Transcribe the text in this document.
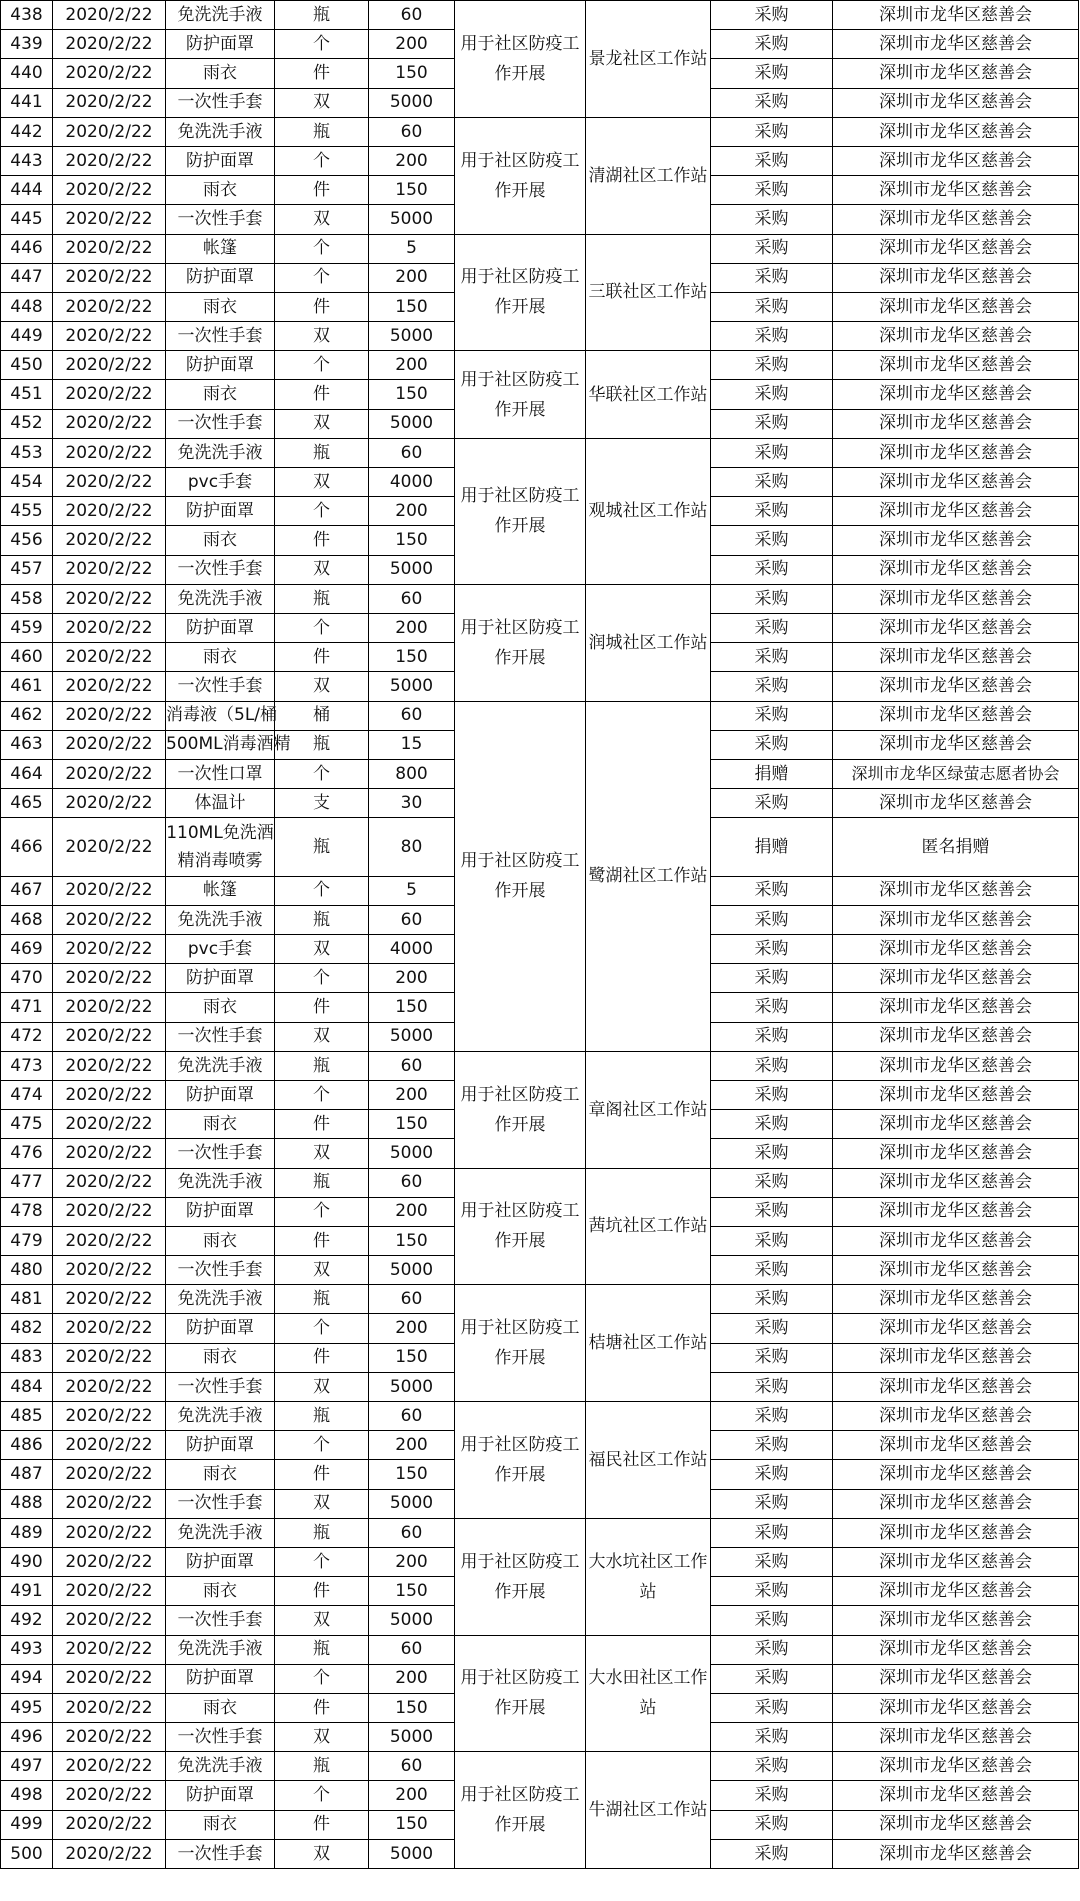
438	2020/2/22	免洗洗手液	瓶	60	用于社区防疫工作开展	景龙社区工作站	采购	深圳市龙华区慈善会
439	2020/2/22	防护面罩	个	200			采购	深圳市龙华区慈善会
440	2020/2/22	雨衣	件	150			采购	深圳市龙华区慈善会
441	2020/2/22	一次性手套	双	5000			采购	深圳市龙华区慈善会
442	2020/2/22	免洗洗手液	瓶	60	用于社区防疫工作开展	清湖社区工作站	采购	深圳市龙华区慈善会
443	2020/2/22	防护面罩	个	200			采购	深圳市龙华区慈善会
444	2020/2/22	雨衣	件	150			采购	深圳市龙华区慈善会
445	2020/2/22	一次性手套	双	5000			采购	深圳市龙华区慈善会
446	2020/2/22	帐篷	个	5	用于社区防疫工作开展	三联社区工作站	采购	深圳市龙华区慈善会
447	2020/2/22	防护面罩	个	200			采购	深圳市龙华区慈善会
448	2020/2/22	雨衣	件	150			采购	深圳市龙华区慈善会
449	2020/2/22	一次性手套	双	5000			采购	深圳市龙华区慈善会
450	2020/2/22	防护面罩	个	200	用于社区防疫工作开展	华联社区工作站	采购	深圳市龙华区慈善会
451	2020/2/22	雨衣	件	150			采购	深圳市龙华区慈善会
452	2020/2/22	一次性手套	双	5000			采购	深圳市龙华区慈善会
453	2020/2/22	免洗洗手液	瓶	60	用于社区防疫工作开展	观城社区工作站	采购	深圳市龙华区慈善会
454	2020/2/22	pvc手套	双	4000			采购	深圳市龙华区慈善会
455	2020/2/22	防护面罩	个	200			采购	深圳市龙华区慈善会
456	2020/2/22	雨衣	件	150			采购	深圳市龙华区慈善会
457	2020/2/22	一次性手套	双	5000			采购	深圳市龙华区慈善会
458	2020/2/22	免洗洗手液	瓶	60	用于社区防疫工作开展	润城社区工作站	采购	深圳市龙华区慈善会
459	2020/2/22	防护面罩	个	200			采购	深圳市龙华区慈善会
460	2020/2/22	雨衣	件	150			采购	深圳市龙华区慈善会
461	2020/2/22	一次性手套	双	5000			采购	深圳市龙华区慈善会
462	2020/2/22	消毒液（5L/桶	桶	60	用于社区防疫工作开展	鹭湖社区工作站	采购	深圳市龙华区慈善会
463	2020/2/22	500ML消毒酒精	瓶	15			采购	深圳市龙华区慈善会
464	2020/2/22	一次性口罩	个	800			捐赠	深圳市龙华区绿萤志愿者协会
465	2020/2/22	体温计	支	30			采购	深圳市龙华区慈善会
466	2020/2/22	110ML免洗酒精消毒喷雾	瓶	80			捐赠	匿名捐赠
467	2020/2/22	帐篷	个	5			采购	深圳市龙华区慈善会
468	2020/2/22	免洗洗手液	瓶	60			采购	深圳市龙华区慈善会
469	2020/2/22	pvc手套	双	4000			采购	深圳市龙华区慈善会
470	2020/2/22	防护面罩	个	200			采购	深圳市龙华区慈善会
471	2020/2/22	雨衣	件	150			采购	深圳市龙华区慈善会
472	2020/2/22	一次性手套	双	5000			采购	深圳市龙华区慈善会
473	2020/2/22	免洗洗手液	瓶	60	用于社区防疫工作开展	章阁社区工作站	采购	深圳市龙华区慈善会
474	2020/2/22	防护面罩	个	200			采购	深圳市龙华区慈善会
475	2020/2/22	雨衣	件	150			采购	深圳市龙华区慈善会
476	2020/2/22	一次性手套	双	5000			采购	深圳市龙华区慈善会
477	2020/2/22	免洗洗手液	瓶	60	用于社区防疫工作开展	茜坑社区工作站	采购	深圳市龙华区慈善会
478	2020/2/22	防护面罩	个	200			采购	深圳市龙华区慈善会
479	2020/2/22	雨衣	件	150			采购	深圳市龙华区慈善会
480	2020/2/22	一次性手套	双	5000			采购	深圳市龙华区慈善会
481	2020/2/22	免洗洗手液	瓶	60	用于社区防疫工作开展	桔塘社区工作站	采购	深圳市龙华区慈善会
482	2020/2/22	防护面罩	个	200			采购	深圳市龙华区慈善会
483	2020/2/22	雨衣	件	150			采购	深圳市龙华区慈善会
484	2020/2/22	一次性手套	双	5000			采购	深圳市龙华区慈善会
485	2020/2/22	免洗洗手液	瓶	60	用于社区防疫工作开展	福民社区工作站	采购	深圳市龙华区慈善会
486	2020/2/22	防护面罩	个	200			采购	深圳市龙华区慈善会
487	2020/2/22	雨衣	件	150			采购	深圳市龙华区慈善会
488	2020/2/22	一次性手套	双	5000			采购	深圳市龙华区慈善会
489	2020/2/22	免洗洗手液	瓶	60	用于社区防疫工作开展	大水坑社区工作站	采购	深圳市龙华区慈善会
490	2020/2/22	防护面罩	个	200			采购	深圳市龙华区慈善会
491	2020/2/22	雨衣	件	150			采购	深圳市龙华区慈善会
492	2020/2/22	一次性手套	双	5000			采购	深圳市龙华区慈善会
493	2020/2/22	免洗洗手液	瓶	60	用于社区防疫工作开展	大水田社区工作站	采购	深圳市龙华区慈善会
494	2020/2/22	防护面罩	个	200			采购	深圳市龙华区慈善会
495	2020/2/22	雨衣	件	150			采购	深圳市龙华区慈善会
496	2020/2/22	一次性手套	双	5000			采购	深圳市龙华区慈善会
497	2020/2/22	免洗洗手液	瓶	60	用于社区防疫工作开展	牛湖社区工作站	采购	深圳市龙华区慈善会
498	2020/2/22	防护面罩	个	200			采购	深圳市龙华区慈善会
499	2020/2/22	雨衣	件	150			采购	深圳市龙华区慈善会
500	2020/2/22	一次性手套	双	5000			采购	深圳市龙华区慈善会
